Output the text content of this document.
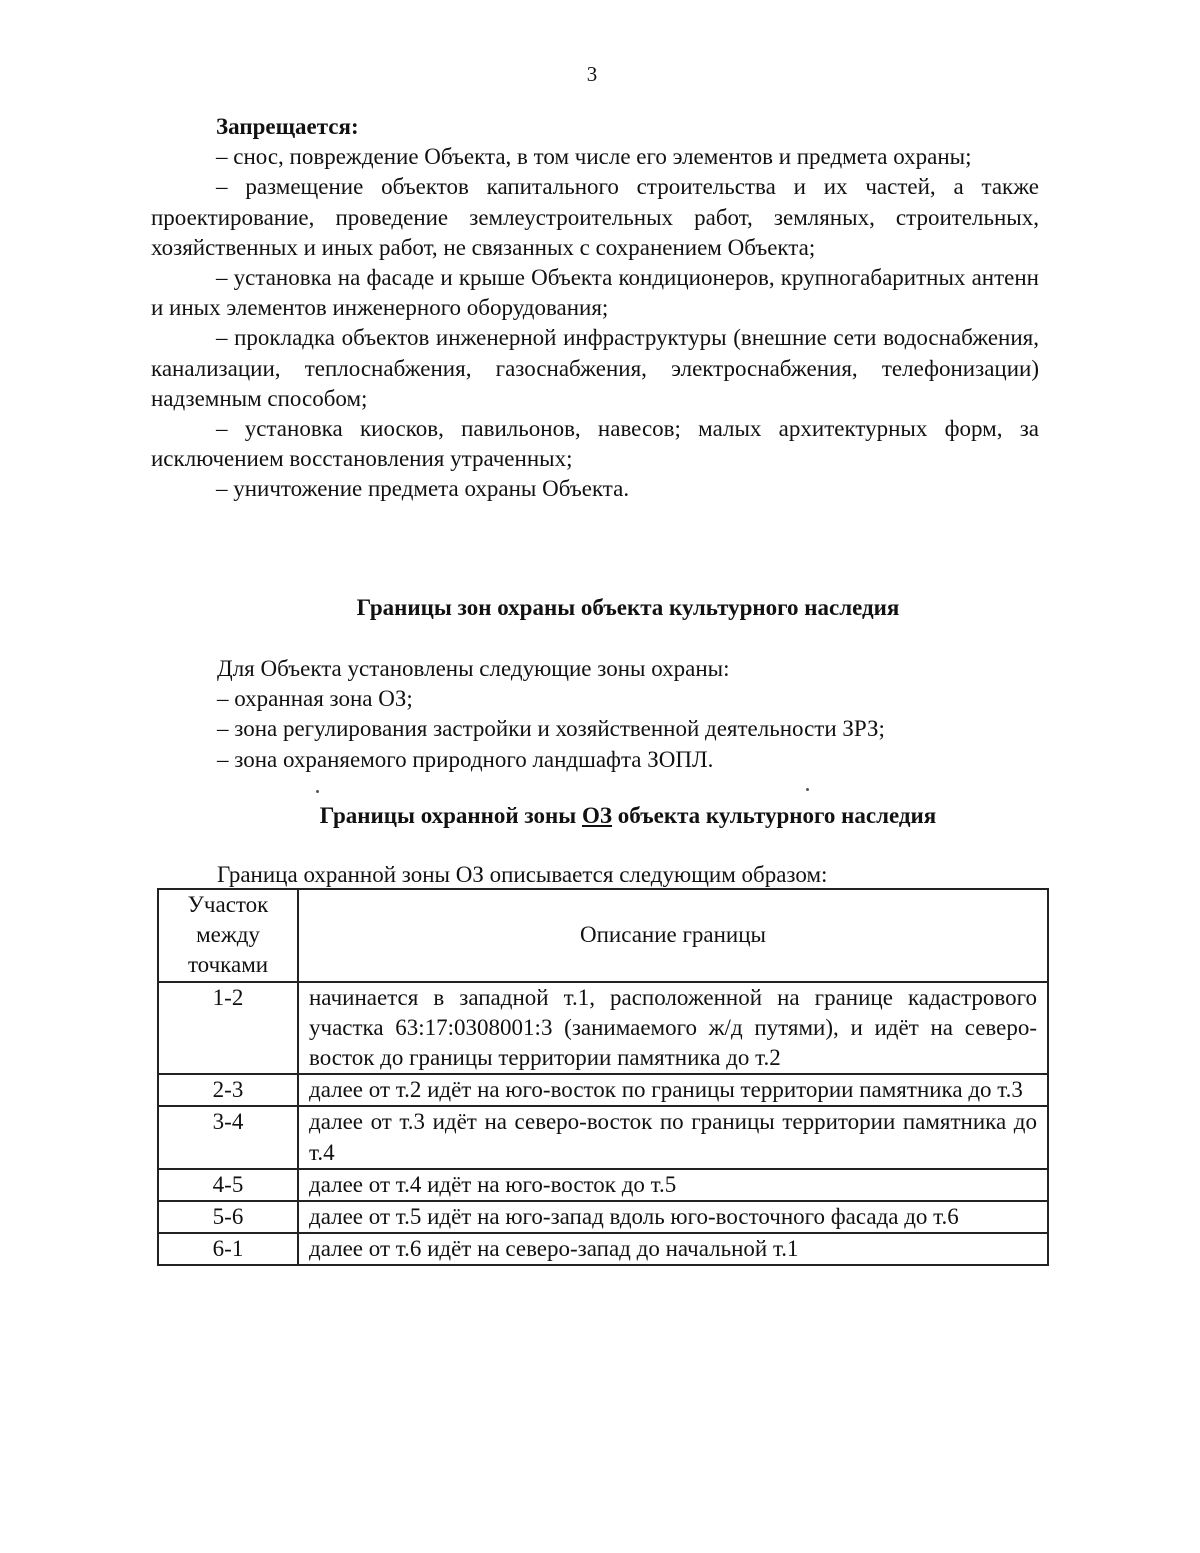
3

Запрещается:

– снос, повреждение Объекта, в том числе его элементов и предмета охраны;

– размещение объектов капитального строительства и их частей, а также проектирование, проведение землеустроительных работ, земляных, строительных, хозяйственных и иных работ, не связанных с сохранением Объекта;

– установка на фасаде и крыше Объекта кондиционеров, крупногабаритных антенн и иных элементов инженерного оборудования;

– прокладка объектов инженерной инфраструктуры (внешние сети водоснабжения, канализации, теплоснабжения, газоснабжения, электроснабжения, телефонизации) надземным способом;

– установка киосков, павильонов, навесов; малых архитектурных форм, за исключением восстановления утраченных;

– уничтожение предмета охраны Объекта.

Границы зон охраны объекта культурного наследия

Для Объекта установлены следующие зоны охраны:

– охранная зона ОЗ;

– зона регулирования застройки и хозяйственной деятельности ЗРЗ;

– зона охраняемого природного ландшафта ЗОПЛ.

Границы охранной зоны ОЗ объекта культурного наследия
Граница охранной зоны ОЗ описывается следующим образом:
Участок между точками	Описание границы
1-2	начинается в западной т.1, расположенной на границе кадастрового участка 63:17:0308001:3 (занимаемого ж/д путями), и идёт на северо-восток до границы территории памятника до т.2
2-3	далее от т.2 идёт на юго-восток по границы территории памятника до т.3
3-4	далее от т.3 идёт на северо-восток по границы территории памятника до т.4
4-5	далее от т.4 идёт на юго-восток до т.5
5-6	далее от т.5 идёт на юго-запад вдоль юго-восточного фасада до т.6
6-1	далее от т.6 идёт на северо-запад до начальной т.1
